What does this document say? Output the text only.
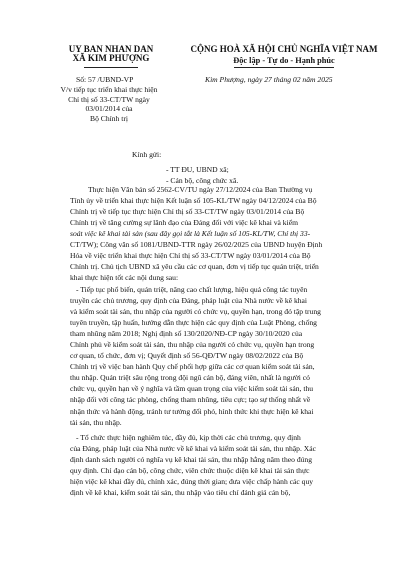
UY BAN NHAN DAN
XÃ KIM PHƯỢNG
CỘNG HOÀ XÃ HỘI CHỦ NGHĨA VIỆT NAM
Độc lập - Tự do - Hạnh phúc
Số: 57 /UBND-VP	Kim Phượng, ngày 27 tháng 02 năm 2025
V/v tiếp tục triển khai thực hiện
Chỉ thị số 33-CT/TW ngày
03/01/2014 của
Bộ Chính trị
Kính gửi:
- TT ĐU, UBND xã;
- Cán bộ, công chức xã.
Thực hiện Văn bản số 2562-CV/TU ngày 27/12/2024 của Ban Thường vụ
Tỉnh ủy về triển khai thực hiện Kết luận số 105-KL/TW ngày 04/12/2024 của Bộ
Chính trị về tiếp tục thực hiện Chỉ thị số 33-CT/TW ngày 03/01/2014 của Bộ
Chính trị về tăng cường sự lãnh đạo của Đảng đối với việc kê khai và kiểm
soát việc kê khai tài sản (sau đây gọi tắt là Kết luận số 105-KL/TW, Chỉ thị 33-
CT/TW); Công văn số 1081/UBND-TTR ngày 26/02/2025 của UBND huyện Định
Hóa về việc triển khai thực hiện Chỉ thị số 33-CT/TW ngày 03/01/2014 của Bộ
Chính trị. Chủ tịch UBND xã yêu cầu các cơ quan, đơn vị tiếp tục quán triệt, triển
khai thực hiện tốt các nội dung sau:
- Tiếp tục phổ biến, quán triệt, nâng cao chất lượng, hiệu quả công tác tuyên
truyền các chủ trương, quy định của Đảng, pháp luật của Nhà nước về kê khai
và kiểm soát tài sản, thu nhập của người có chức vụ, quyền hạn, trong đó tập trung
tuyên truyền, tập huấn, hướng dẫn thực hiện các quy định của Luật Phòng, chống
tham nhũng năm 2018; Nghị định số 130/2020/NĐ-CP ngày 30/10/2020 của
Chính phủ về kiểm soát tài sản, thu nhập của người có chức vụ, quyền hạn trong
cơ quan, tổ chức, đơn vị; Quyết định số 56-QĐ/TW ngày 08/02/2022 của Bộ
Chính trị về việc ban hành Quy chế phối hợp giữa các cơ quan kiểm soát tài sản,
thu nhập. Quán triệt sâu rộng trong đội ngũ cán bộ, đảng viên, nhất là người có
chức vụ, quyền hạn về ý nghĩa và tầm quan trọng của việc kiểm soát tài sản, thu
nhập đối với công tác phòng, chống tham nhũng, tiêu cực; tạo sự thống nhất về
nhận thức và hành động, tránh tư tưởng đối phó, hình thức khi thực hiện kê khai
tài sản, thu nhập.
- Tổ chức thực hiện nghiêm túc, đầy đủ, kịp thời các chủ trương, quy định
của Đảng, pháp luật của Nhà nước về kê khai và kiểm soát tài sản, thu nhập. Xác
định danh sách người có nghĩa vụ kê khai tài sản, thu nhập hằng năm theo đúng
quy định. Chỉ đạo cán bộ, công chức, viên chức thuộc diện kê khai tài sản thực
hiện việc kê khai đầy đủ, chính xác, đúng thời gian; đưa việc chấp hành các quy
định về kê khai, kiểm soát tài sản, thu nhập vào tiêu chí đánh giá cán bộ,
